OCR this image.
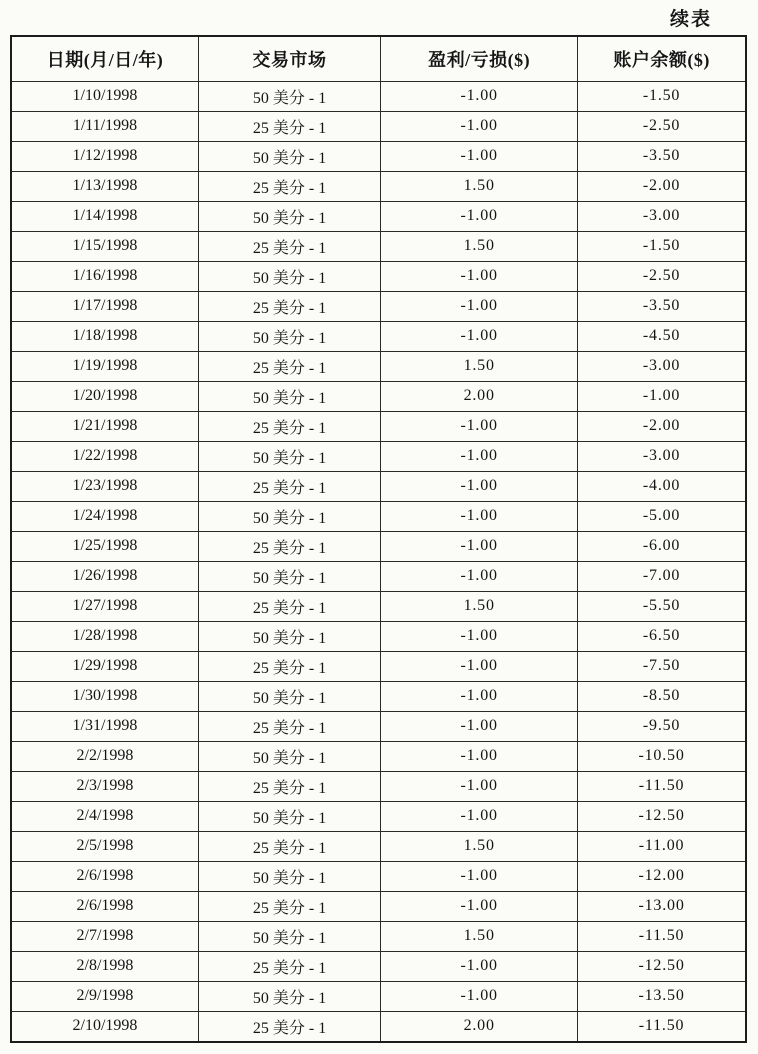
续表
日期(月/日/年)	交易市场	盈利/亏损($)	账户余额($)
1/10/1998	50 美分 - 1	-1.00	-1.50
1/11/1998	25 美分 - 1	-1.00	-2.50
1/12/1998	50 美分 - 1	-1.00	-3.50
1/13/1998	25 美分 - 1	1.50	-2.00
1/14/1998	50 美分 - 1	-1.00	-3.00
1/15/1998	25 美分 - 1	1.50	-1.50
1/16/1998	50 美分 - 1	-1.00	-2.50
1/17/1998	25 美分 - 1	-1.00	-3.50
1/18/1998	50 美分 - 1	-1.00	-4.50
1/19/1998	25 美分 - 1	1.50	-3.00
1/20/1998	50 美分 - 1	2.00	-1.00
1/21/1998	25 美分 - 1	-1.00	-2.00
1/22/1998	50 美分 - 1	-1.00	-3.00
1/23/1998	25 美分 - 1	-1.00	-4.00
1/24/1998	50 美分 - 1	-1.00	-5.00
1/25/1998	25 美分 - 1	-1.00	-6.00
1/26/1998	50 美分 - 1	-1.00	-7.00
1/27/1998	25 美分 - 1	1.50	-5.50
1/28/1998	50 美分 - 1	-1.00	-6.50
1/29/1998	25 美分 - 1	-1.00	-7.50
1/30/1998	50 美分 - 1	-1.00	-8.50
1/31/1998	25 美分 - 1	-1.00	-9.50
2/2/1998	50 美分 - 1	-1.00	-10.50
2/3/1998	25 美分 - 1	-1.00	-11.50
2/4/1998	50 美分 - 1	-1.00	-12.50
2/5/1998	25 美分 - 1	1.50	-11.00
2/6/1998	50 美分 - 1	-1.00	-12.00
2/6/1998	25 美分 - 1	-1.00	-13.00
2/7/1998	50 美分 - 1	1.50	-11.50
2/8/1998	25 美分 - 1	-1.00	-12.50
2/9/1998	50 美分 - 1	-1.00	-13.50
2/10/1998	25 美分 - 1	2.00	-11.50
